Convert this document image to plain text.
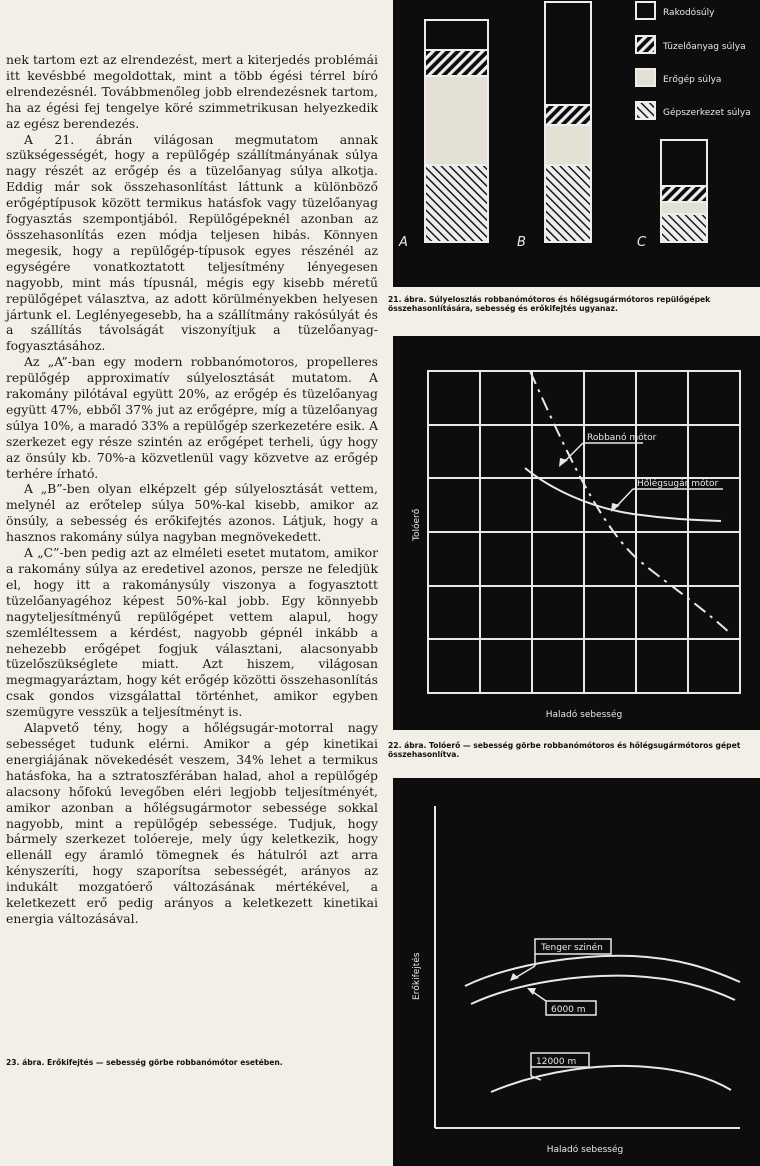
nek tartom ezt az elrendezést, mert a kiterjedés problémái itt kevésbbé megoldottak, mint a több égési térrel bíró elrendezésnél. Továbbmenőleg jobb elrendezésnek tartom, ha az égési fej tengelye köré szimmetrikusan helyezkedik az egész berendezés.

A 21. ábrán világosan megmutatom annak szükségességét, hogy a repülőgép szállítmányának súlya nagy részét az erőgép és a tüzelőanyag súlya alkotja. Eddig már sok összehasonlítást láttunk a különböző erőgéptípusok között termikus hatásfok vagy tüzelőanyag fogyasztás szempontjából. Repülőgépeknél azonban az összehasonlítás ezen módja teljesen hibás. Könnyen megesik, hogy a repülőgép-típusok egyes részénél az egységére vonatkoztatott teljesítmény lényegesen nagyobb, mint más típusnál, mégis egy kisebb méretű repülőgépet választva, az adott körülményekben helyesen jártunk el. Leglényegesebb, ha a szállítmány rakósúlyát és a szállítás távolságát viszonyítjuk a tüzelőanyag-fogyasztásához.

Az „A”-ban egy modern robbanómotoros, propelleres repülőgép approximatív súlyelosztását mutatom. A rakomány pilótával együtt 20%, az erőgép és tüzelőanyag együtt 47%, ebből 37% jut az erőgépre, míg a tüzelőanyag súlya 10%, a maradó 33% a repülőgép szerkezetére esik. A szerkezet egy része szintén az erőgépet terheli, úgy hogy az önsúly kb. 70%-a közvetlenül vagy közvetve az erőgép terhére írható.

A „B”-ben olyan elképzelt gép súlyelosztását vettem, melynél az erőtelep súlya 50%-kal kisebb, amikor az önsúly, a sebesség és erőkifejtés azonos. Látjuk, hogy a hasznos rakomány súlya nagyban megnövekedett.

A „C”-ben pedig azt az elméleti esetet mutatom, amikor a rakomány súlya az eredetivel azonos, persze ne feledjük el, hogy itt a rakománysúly viszonya a fogyasztott tüzelőanyagéhoz képest 50%-kal jobb. Egy könnyebb nagyteljesítményű repülőgépet vettem alapul, hogy szemléltessem a kérdést, nagyobb gépnél inkább a nehezebb erőgépet fogjuk választani, alacsonyabb tüzelőszükséglete miatt. Azt hiszem, világosan megmagyaráztam, hogy két erőgép közötti összehasonlítás csak gondos vizsgálattal történhet, amikor egyben szemügyre vesszük a teljesítményt is.

Alapvető tény, hogy a hőlégsugár-motorral nagy sebességet tudunk elérni. Amikor a gép kinetikai energiájának növekedését veszem, 34% lehet a termikus hatásfoka, ha a sztratoszférában halad, ahol a repülőgép alacsony hőfokú levegőben eléri legjobb teljesítményét, amikor azonban a hőlégsugármotor sebessége sokkal nagyobb, mint a repülőgép sebessége. Tudjuk, hogy bármely szerkezet tolóereje, mely úgy keletkezik, hogy ellenáll egy áramló tömegnek és hátulról azt arra kényszeríti, hogy szaporítsa sebességét, arányos az indukált mozgatóerő változásának mértékével, a keletkezett erő pedig arányos a keletkezett kinetikai energia változásával.

23. ábra. Erőkifejtés — sebesség görbe robbanómótor esetében.
A	B	C
Rakodósúly
Tüzelőanyag súlya
Erőgép súlya
Gépszerkezet súlya
21. ábra. Súlyeloszlás robbanómótoros és hőlégsugármótoros repülőgépek összehasonlítására, sebesség és erőkifejtés ugyanaz.
Robbanó mótor
Hőlégsugár mótor
Tolóerő
Haladó sebesség
22. ábra. Tolóerő — sebesség görbe robbanómótoros és hőlégsugármótoros gépet összehasonlítva.
Tenger szinén
6000 m
12000 m
Erőkifejtés
Haladó sebesség
